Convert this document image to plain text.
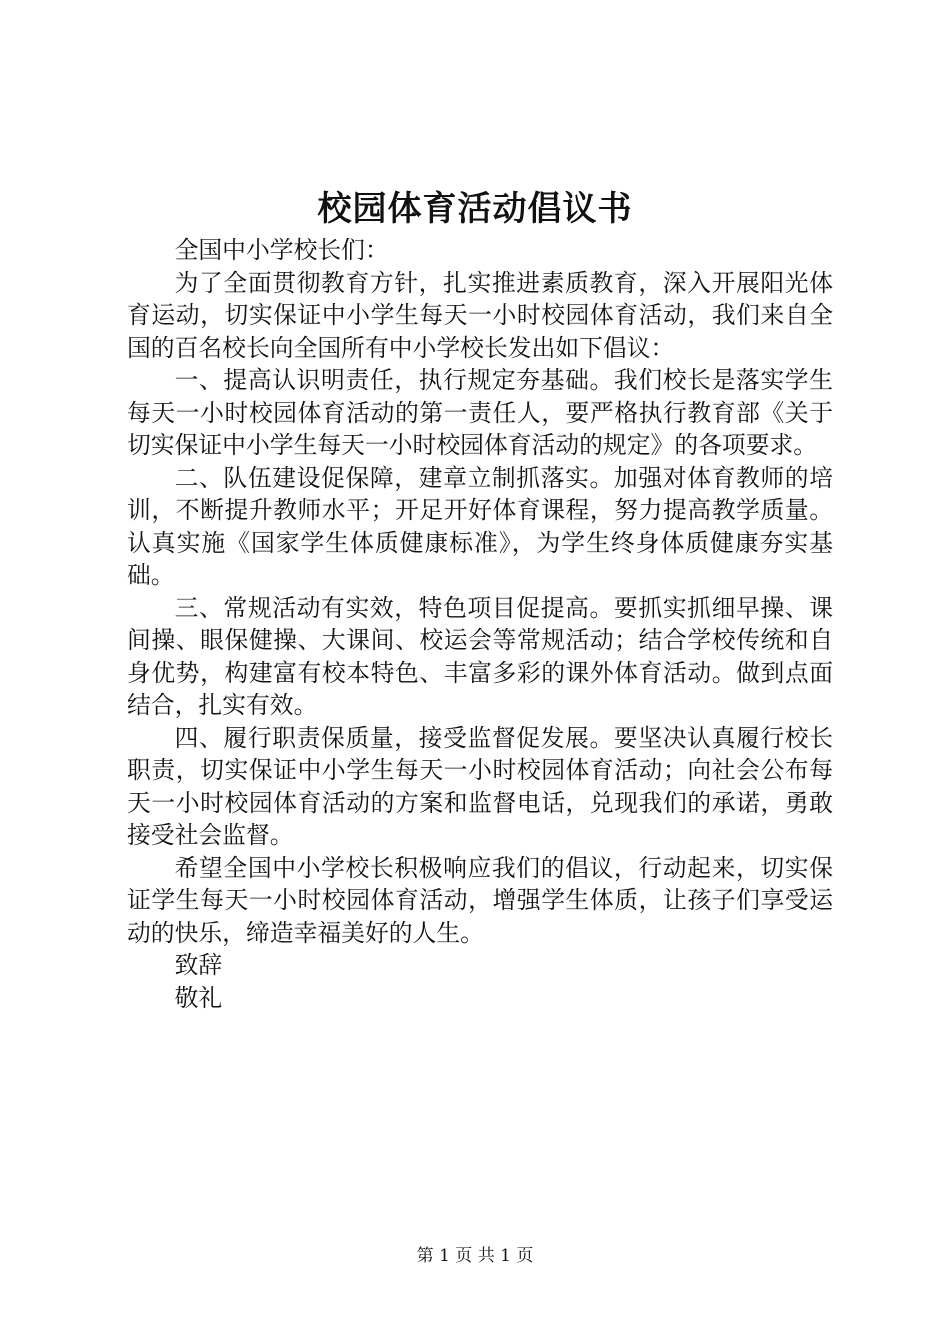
校园体育活动倡议书

全国中小学校长们：

为了全面贯彻教育方针，扎实推进素质教育，深入开展阳光体育运动，切实保证中小学生每天一小时校园体育活动，我们来自全国的百名校长向全国所有中小学校长发出如下倡议：

一、提高认识明责任，执行规定夯基础。我们校长是落实学生每天一小时校园体育活动的第一责任人，要严格执行教育部《关于切实保证中小学生每天一小时校园体育活动的规定》的各项要求。

二、队伍建设促保障，建章立制抓落实。加强对体育教师的培训，不断提升教师水平；开足开好体育课程，努力提高教学质量。认真实施《国家学生体质健康标准》，为学生终身体质健康夯实基础。

三、常规活动有实效，特色项目促提高。要抓实抓细早操、课间操、眼保健操、大课间、校运会等常规活动；结合学校传统和自身优势，构建富有校本特色、丰富多彩的课外体育活动。做到点面结合，扎实有效。

四、履行职责保质量，接受监督促发展。要坚决认真履行校长职责，切实保证中小学生每天一小时校园体育活动；向社会公布每天一小时校园体育活动的方案和监督电话，兑现我们的承诺，勇敢接受社会监督。

希望全国中小学校长积极响应我们的倡议，行动起来，切实保证学生每天一小时校园体育活动，增强学生体质，让孩子们享受运动的快乐，缔造幸福美好的人生。

致辞

敬礼

第 1 页 共 1 页
